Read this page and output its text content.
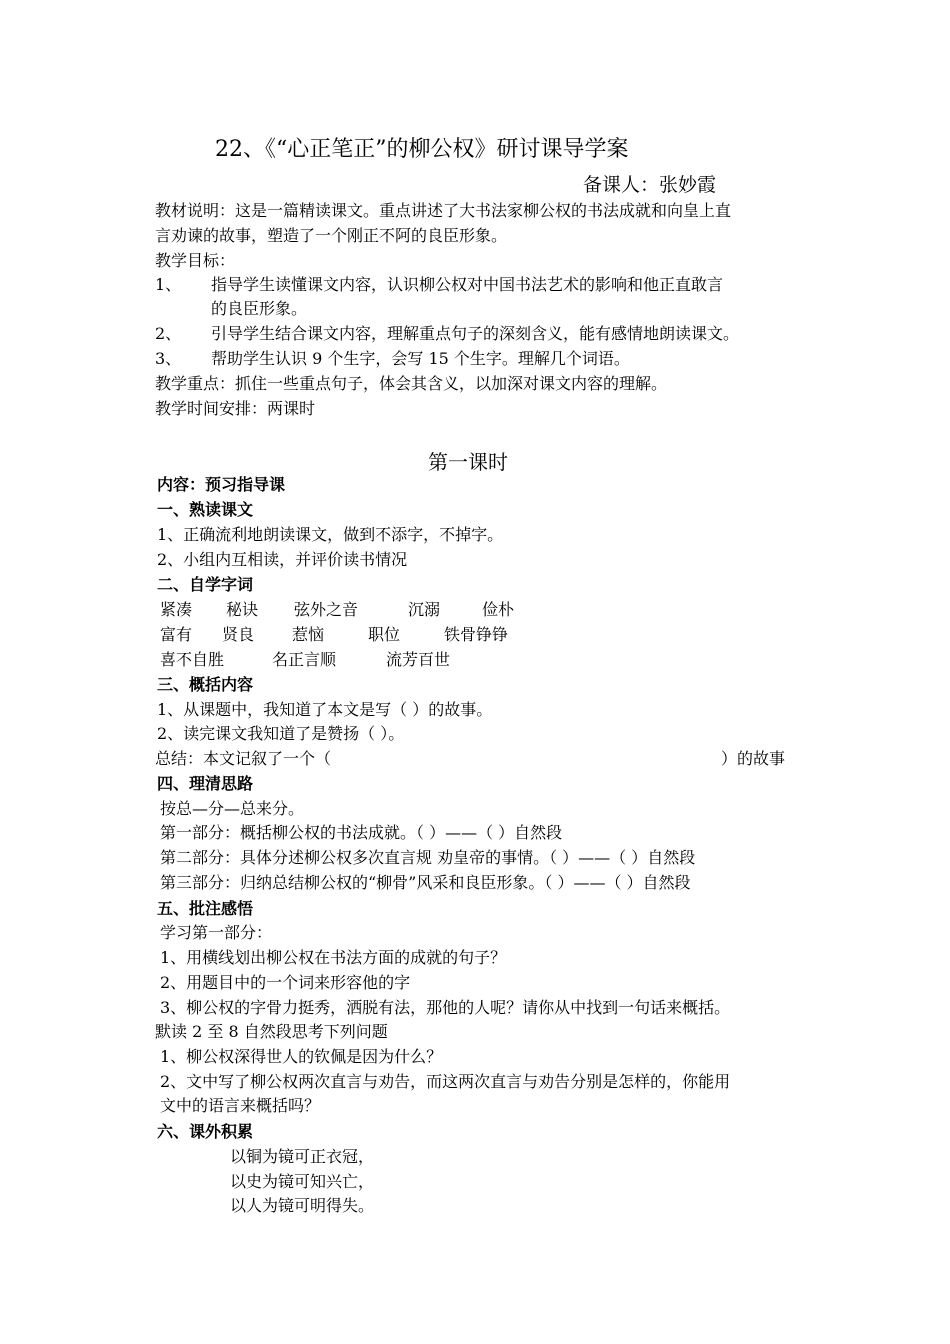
22、《“心正笔正”的柳公权》研讨课导学案
备课人：张妙霞
教材说明：这是一篇精读课文。重点讲述了大书法家柳公权的书法成就和向皇上直
言劝谏的故事，塑造了一个刚正不阿的良臣形象。
教学目标：
1、 指导学生读懂课文内容，认识柳公权对中国书法艺术的影响和他正直敢言
的良臣形象。
2、 引导学生结合课文内容，理解重点句子的深刻含义，能有感情地朗读课文。
3、 帮助学生认识 9 个生字，会写 15 个生字。理解几个词语。
教学重点：抓住一些重点句子，体会其含义，以加深对课文内容的理解。
教学时间安排：两课时
第一课时
内容：预习指导课
一、熟读课文
1、正确流利地朗读课文，做到不添字，不掉字。
2、小组内互相读，并评价读书情况
二、自学字词
紧凑 秘诀 弦外之音	沉溺	俭朴
富有 贤良 惹恼	职位	铁骨铮铮
喜不自胜	名正言顺	流芳百世
三、概括内容
1、从课题中，我知道了本文是写（ ）的故事。
2、读完课文我知道了是赞扬（ ）。
总结：本文记叙了一个（	）的故事
四、理清思路
按总—分—总来分。
第一部分：概括柳公权的书法成就。（ ）——（ ）自然段
第二部分：具体分述柳公权多次直言规 劝皇帝的事情。（ ）——（ ）自然段
第三部分：归纳总结柳公权的“柳骨”风采和良臣形象。（ ）——（ ）自然段
五、批注感悟
学习第一部分：
1、用横线划出柳公权在书法方面的成就的句子？
2、用题目中的一个词来形容他的字
3、柳公权的字骨力挺秀，洒脱有法，那他的人呢？请你从中找到一句话来概括。
默读 2 至 8 自然段思考下列问题
1、柳公权深得世人的钦佩是因为什么？
2、文中写了柳公权两次直言与劝告，而这两次直言与劝告分别是怎样的，你能用
文中的语言来概括吗？
六、课外积累
以铜为镜可正衣冠，
以史为镜可知兴亡，
以人为镜可明得失。
